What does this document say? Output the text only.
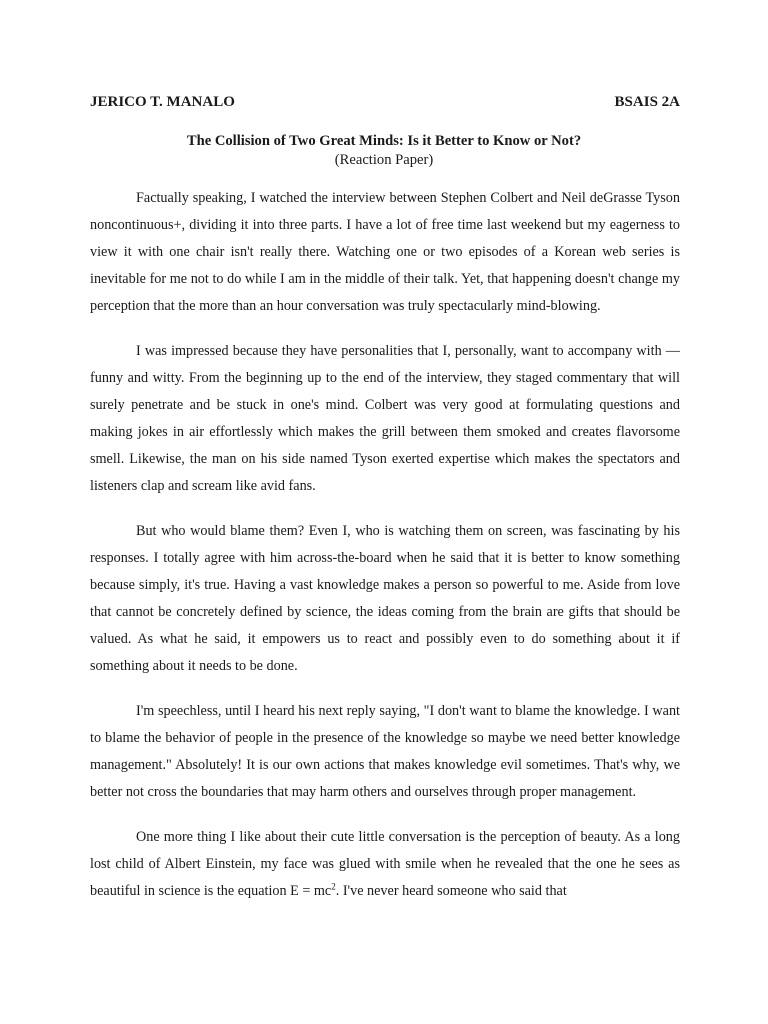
JERICO T. MANALO	BSAIS 2A
The Collision of Two Great Minds: Is it Better to Know or Not?
(Reaction Paper)

Factually speaking, I watched the interview between Stephen Colbert and Neil deGrasse Tyson noncontinuous+, dividing it into three parts. I have a lot of free time last weekend but my eagerness to view it with one chair isn't really there. Watching one or two episodes of a Korean web series is inevitable for me not to do while I am in the middle of their talk. Yet, that happening doesn't change my perception that the more than an hour conversation was truly spectacularly mind-blowing.

I was impressed because they have personalities that I, personally, want to accompany with — funny and witty. From the beginning up to the end of the interview, they staged commentary that will surely penetrate and be stuck in one's mind. Colbert was very good at formulating questions and making jokes in air effortlessly which makes the grill between them smoked and creates flavorsome smell. Likewise, the man on his side named Tyson exerted expertise which makes the spectators and listeners clap and scream like avid fans.

But who would blame them? Even I, who is watching them on screen, was fascinating by his responses. I totally agree with him across-the-board when he said that it is better to know something because simply, it's true. Having a vast knowledge makes a person so powerful to me. Aside from love that cannot be concretely defined by science, the ideas coming from the brain are gifts that should be valued. As what he said, it empowers us to react and possibly even to do something about it if something about it needs to be done.

I'm speechless, until I heard his next reply saying, "I don't want to blame the knowledge. I want to blame the behavior of people in the presence of the knowledge so maybe we need better knowledge management." Absolutely! It is our own actions that makes knowledge evil sometimes. That's why, we better not cross the boundaries that may harm others and ourselves through proper management.

One more thing I like about their cute little conversation is the perception of beauty. As a long lost child of Albert Einstein, my face was glued with smile when he revealed that the one he sees as beautiful in science is the equation $E = mc^2$. I've never heard someone who said that
